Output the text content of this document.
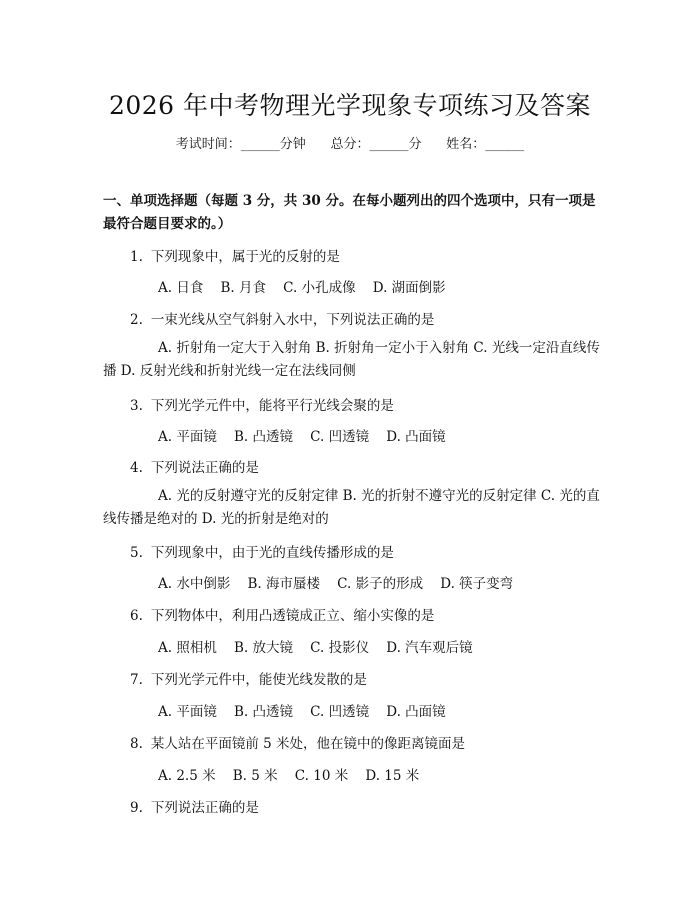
2026 年中考物理光学现象专项练习及答案
考试时间：______分钟      总分：______分      姓名：______
一、单项选择题（每题 3 分，共 30 分。在每小题列出的四个选项中，只有一项是最符合题目要求的。）
1. 下列现象中，属于光的反射的是
A. 日食    B. 月食    C. 小孔成像    D. 湖面倒影
2. 一束光线从空气斜射入水中，下列说法正确的是
A. 折射角一定大于入射角 B. 折射角一定小于入射角 C. 光线一定沿直线传播 D. 反射光线和折射光线一定在法线同侧
3. 下列光学元件中，能将平行光线会聚的是
A. 平面镜    B. 凸透镜    C. 凹透镜    D. 凸面镜
4. 下列说法正确的是
A. 光的反射遵守光的反射定律 B. 光的折射不遵守光的反射定律 C. 光的直线传播是绝对的 D. 光的折射是绝对的
5. 下列现象中，由于光的直线传播形成的是
A. 水中倒影    B. 海市蜃楼    C. 影子的形成    D. 筷子变弯
6. 下列物体中，利用凸透镜成正立、缩小实像的是
A. 照相机    B. 放大镜    C. 投影仪    D. 汽车观后镜
7. 下列光学元件中，能使光线发散的是
A. 平面镜    B. 凸透镜    C. 凹透镜    D. 凸面镜
8. 某人站在平面镜前 5 米处，他在镜中的像距离镜面是
A. 2.5 米    B. 5 米    C. 10 米    D. 15 米
9. 下列说法正确的是
